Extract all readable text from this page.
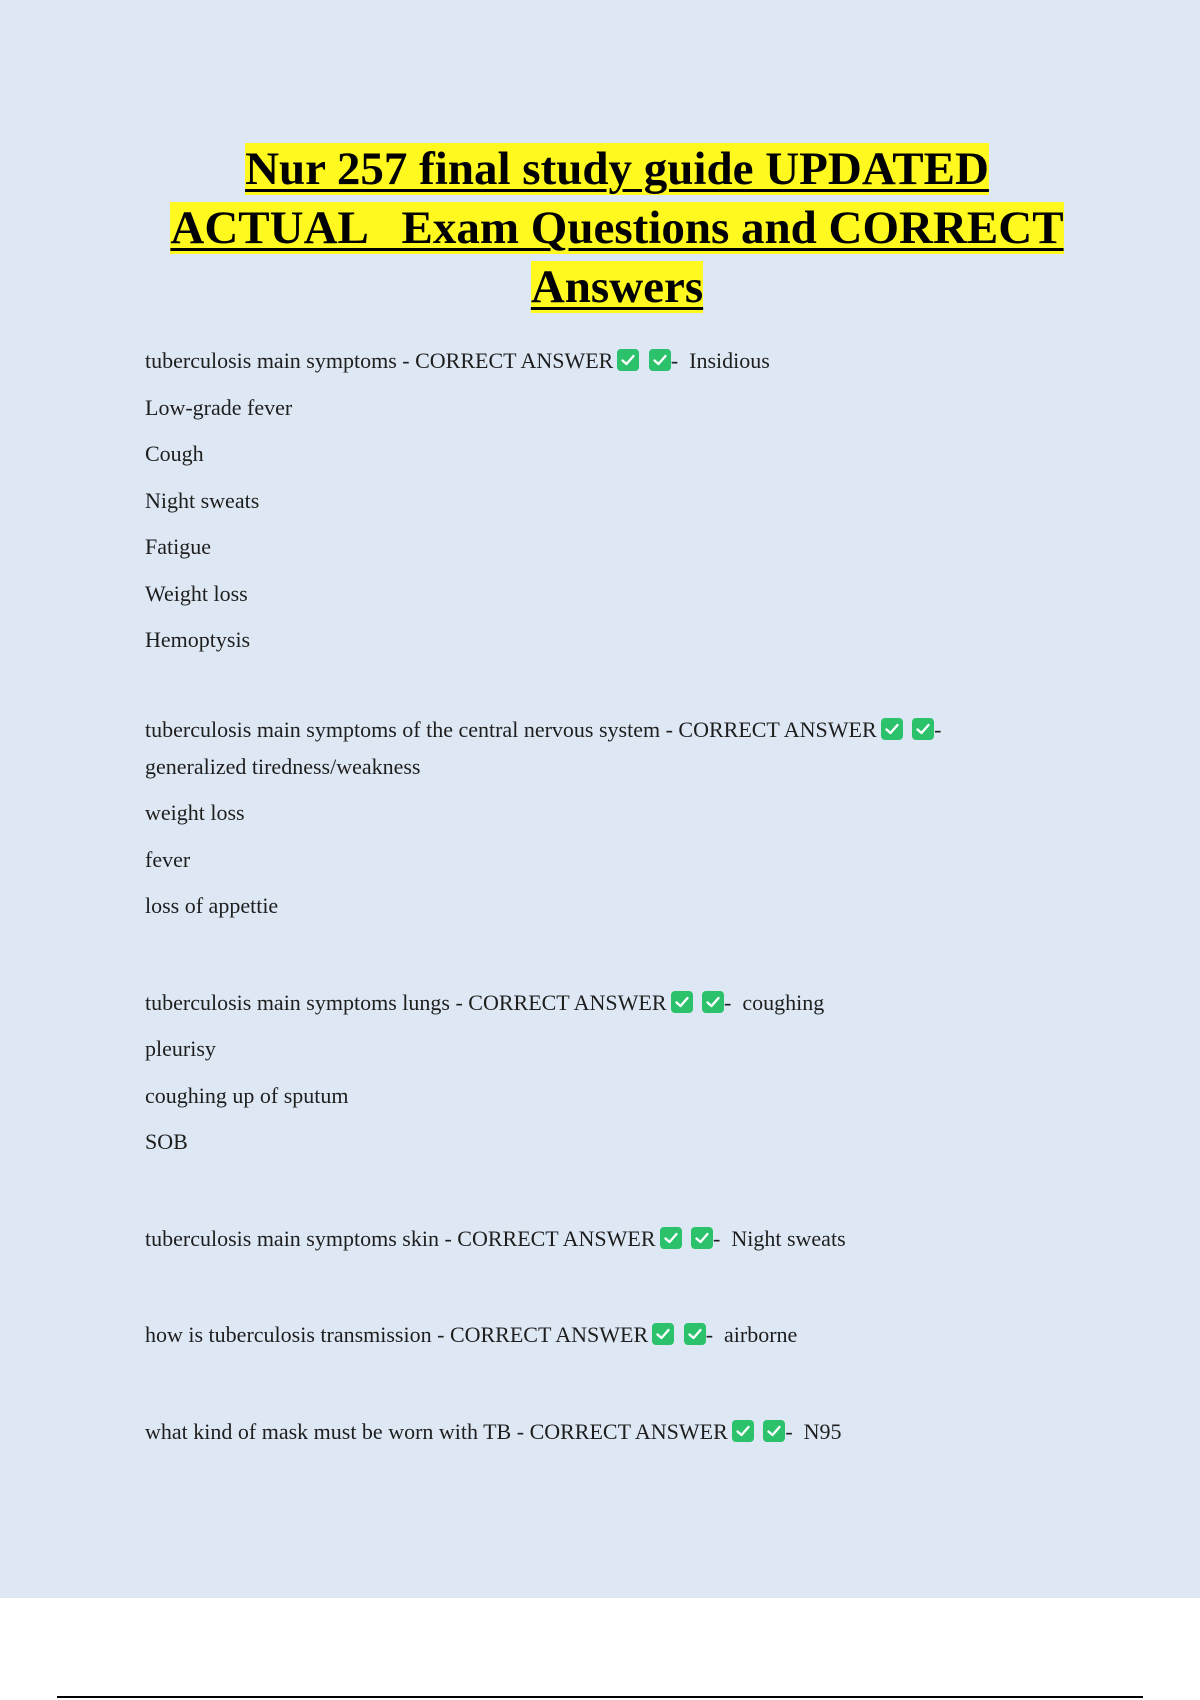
Nur 257 final study guide UPDATED
ACTUAL   Exam Questions and CORRECT
Answers
tuberculosis main symptoms - CORRECT ANSWER
	- Insidious
Low-grade fever
Cough
Night sweats
Fatigue
Weight loss
Hemoptysis
tuberculosis main symptoms of the central nervous system - CORRECT ANSWER
	-
generalized tiredness/weakness
weight loss
fever
loss of appettie
tuberculosis main symptoms lungs - CORRECT ANSWER
	- coughing
pleurisy
coughing up of sputum
SOB
tuberculosis main symptoms skin - CORRECT ANSWER
	- Night sweats
how is tuberculosis transmission - CORRECT ANSWER
	- airborne
what kind of mask must be worn with TB - CORRECT ANSWER
	- N95
